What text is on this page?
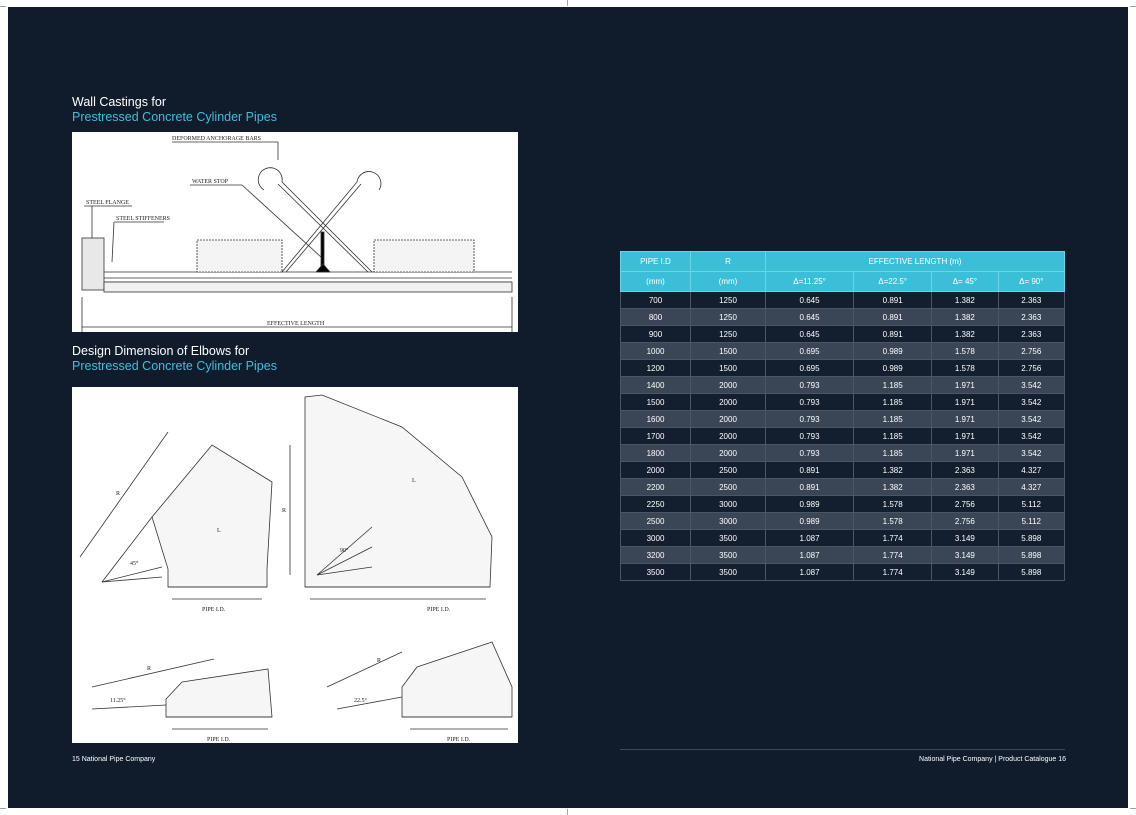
Wall Castings for
Prestressed Concrete Cylinder Pipes
DEFORMED ANCHORAGE BARS
WATER STOP
STEEL FLANGE
STEEL STIFFENERS
EFFECTIVE LENGTH
Design Dimension of Elbows for
Prestressed Concrete Cylinder Pipes
PIPE I.D.	PIPE I.D.
PIPE I.D.	PIPE I.D.
R
R
R
R
L
L
45°
90°
11.25°	22.5°
15 National Pipe Company
PIPE I.D	R	EFFECTIVE LENGTH (m)			
(mm)	(mm)	Δ=11.25°	Δ=22.5°	Δ= 45°	Δ= 90°
700	1250	0.645	0.891	1.382	2.363
800	1250	0.645	0.891	1.382	2.363
900	1250	0.645	0.891	1.382	2.363
1000	1500	0.695	0.989	1.578	2.756
1200	1500	0.695	0.989	1.578	2.756
1400	2000	0.793	1.185	1.971	3.542
1500	2000	0.793	1.185	1.971	3.542
1600	2000	0.793	1.185	1.971	3.542
1700	2000	0.793	1.185	1.971	3.542
1800	2000	0.793	1.185	1.971	3.542
2000	2500	0.891	1.382	2.363	4.327
2200	2500	0.891	1.382	2.363	4.327
2250	3000	0.989	1.578	2.756	5.112
2500	3000	0.989	1.578	2.756	5.112
3000	3500	1.087	1.774	3.149	5.898
3200	3500	1.087	1.774	3.149	5.898
3500	3500	1.087	1.774	3.149	5.898
National Pipe Company | Product Catalogue 16
